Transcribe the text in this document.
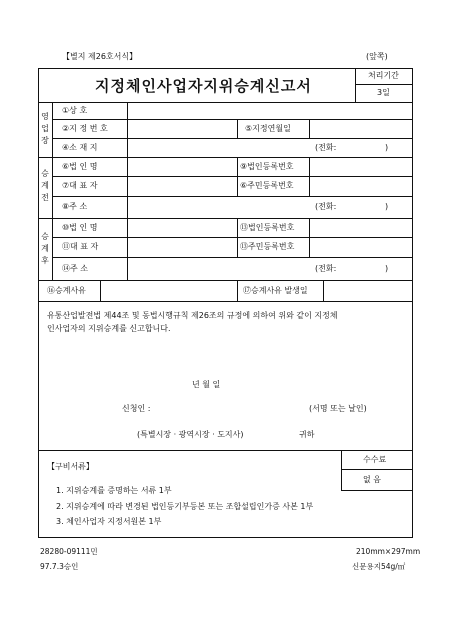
【별지 제26호서식】	(앞쪽)
지정체인사업자지위승계신고서
처리기간
3일
영
업
장
①상 호
②지 정 번 호	⑤지정연월일
④소 재 지	(전화:	)
승
계
전
⑥법 인 명	⑨법인등록번호
⑦대 표 자	⑥주민등록번호
⑧주 소	(전화:	)
승
계
후
⑩법 인 명	⑬법인등록번호
⑪대 표 자	⑬주민등록번호
⑭주 소	(전화:	)
⑯승계사유	⑰승계사유 발생일
유통산업발전법 제44조 및 동법시행규칙 제26조의 규정에 의하여 위와 같이 지정체
인사업자의 지위승계를 신고합니다.
년 월 일
신청인 :	(서명 또는 날인)
(특별시장 · 광역시장 · 도지사)	귀하
【구비서류】
수수료
없 음
1. 지위승계를 증명하는 서류 1부
2. 지위승계에 따라 변경된 법인등기부등본 또는 조합설립인가증 사본 1부
3. 체인사업자 지정서원본 1부
28280-09111민
97.7.3승인
210mm×297mm
신문용지54g/㎡
